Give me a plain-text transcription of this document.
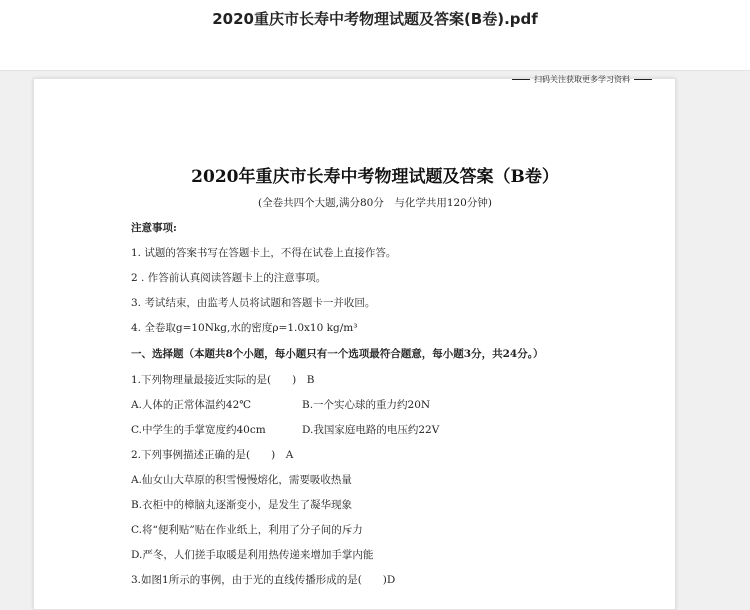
2020重庆市长寿中考物理试题及答案(B卷).pdf
扫码关注获取更多学习资料
2020年重庆市长寿中考物理试题及答案（B卷）
(全卷共四个大题,满分80分　与化学共用120分钟)
注意事项:
1. 试题的答案书写在答题卡上，不得在试卷上直接作答。
2 . 作答前认真阅读答题卡上的注意事项。
3. 考试结束，由监考人员将试题和答题卡一并收回。
4. 全卷取g=10Nkg,水的密度ρ=1.0x10 kg/m³
一、选择题（本题共8个小题，每小题只有一个选项最符合题意，每小题3分，共24分。）
1.下列物理量最接近实际的是(　　)　B
A.人体的正常体温约42℃	B.一个实心球的重力约20N
C.中学生的手掌宽度约40cm	D.我国家庭电路的电压约22V
2.下列事例描述正确的是(　　)　A
A.仙女山大草原的积雪慢慢熔化，需要吸收热量
B.衣柜中的樟脑丸逐渐变小，是发生了凝华现象
C.将“便利贴”贴在作业纸上，利用了分子间的斥力
D.严冬，人们搓手取暖是利用热传递来增加手掌内能
3.如图1所示的事例，由于光的直线传播形成的是(　　)D
